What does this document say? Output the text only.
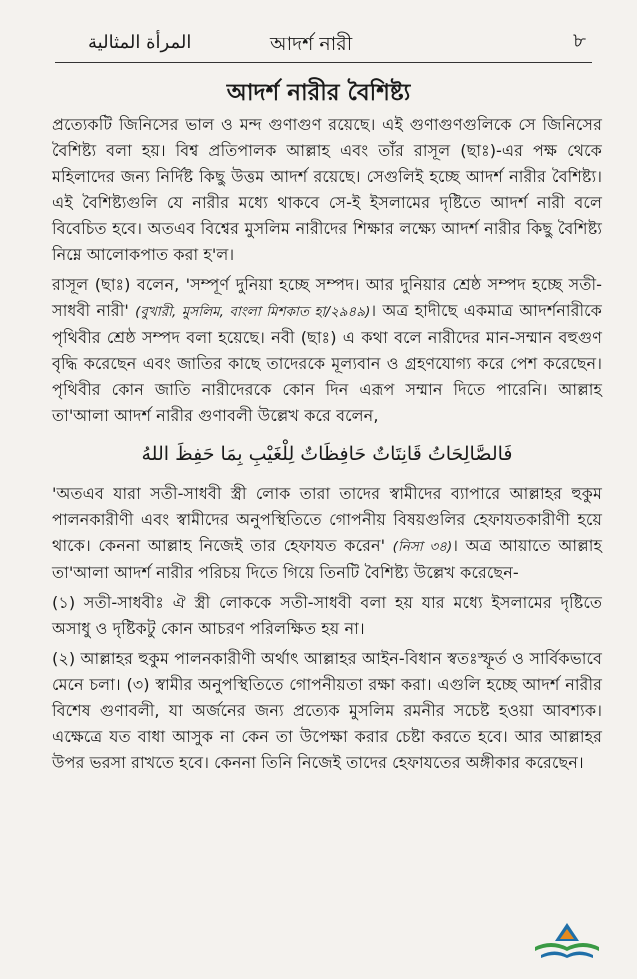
المرأة المثالية	আদর্শ নারী	৮
আদর্শ নারীর বৈশিষ্ট্য

প্রত্যেকটি জিনিসের ভাল ও মন্দ গুণাগুণ রয়েছে। এই গুণাগুণগুলিকে সে জিনিসের বৈশিষ্ট্য বলা হয়। বিশ্ব প্রতিপালক আল্লাহ এবং তাঁর রাসূল (ছাঃ)-এর পক্ষ থেকে মহিলাদের জন্য নির্দিষ্ট কিছু উত্তম আদর্শ রয়েছে। সেগুলিই হচ্ছে আদর্শ নারীর বৈশিষ্ট্য। এই বৈশিষ্ট্যগুলি যে নারীর মধ্যে থাকবে সে-ই ইসলামের দৃষ্টিতে আদর্শ নারী বলে বিবেচিত হবে। অতএব বিশ্বের মুসলিম নারীদের শিক্ষার লক্ষ্যে আদর্শ নারীর কিছু বৈশিষ্ট্য নিম্নে আলোকপাত করা হ'ল।

রাসূল (ছাঃ) বলেন, 'সম্পূর্ণ দুনিয়া হচ্ছে সম্পদ। আর দুনিয়ার শ্রেষ্ঠ সম্পদ হচ্ছে সতী-সাধবী নারী' (বুখারী, মুসলিম, বাংলা মিশকাত হা/২৯৪৯)। অত্র হাদীছে একমাত্র আদর্শনারীকে পৃথিবীর শ্রেষ্ঠ সম্পদ বলা হয়েছে। নবী (ছাঃ) এ কথা বলে নারীদের মান-সম্মান বহুগুণ বৃদ্ধি করেছেন এবং জাতির কাছে তাদেরকে মূল্যবান ও গ্রহণযোগ্য করে পেশ করেছেন। পৃথিবীর কোন জাতি নারীদেরকে কোন দিন এরূপ সম্মান দিতে পারেনি। আল্লাহ তা'আলা আদর্শ নারীর গুণাবলী উল্লেখ করে বলেন,

فَالصَّالِحَاتُ قَانِتَاتٌ حَافِظَاتٌ لِلْغَيْبِ بِمَا حَفِظَ اللهُ

'অতএব যারা সতী-সাধবী স্ত্রী লোক তারা তাদের স্বামীদের ব্যাপারে আল্লাহর হুকুম পালনকারীণী এবং স্বামীদের অনুপস্থিতিতে গোপনীয় বিষয়গুলির হেফাযতকারীণী হয়ে থাকে। কেননা আল্লাহ নিজেই তার হেফাযত করেন' (নিসা ৩৪)। অত্র আয়াতে আল্লাহ তা'আলা আদর্শ নারীর পরিচয় দিতে গিয়ে তিনটি বৈশিষ্ট্য উল্লেখ করেছেন-

(১) সতী-সাধবীঃ ঐ স্ত্রী লোককে সতী-সাধবী বলা হয় যার মধ্যে ইসলামের দৃষ্টিতে অসাধু ও দৃষ্টিকটু কোন আচরণ পরিলক্ষিত হয় না।

(২) আল্লাহর হুকুম পালনকারীণী অর্থাৎ আল্লাহর আইন-বিধান স্বতঃস্ফূর্ত ও সার্বিকভাবে মেনে চলা। (৩) স্বামীর অনুপস্থিতিতে গোপনীয়তা রক্ষা করা। এগুলি হচ্ছে আদর্শ নারীর বিশেষ গুণাবলী, যা অর্জনের জন্য প্রত্যেক মুসলিম রমনীর সচেষ্ট হওয়া আবশ্যক। এক্ষেত্রে যত বাধা আসুক না কেন তা উপেক্ষা করার চেষ্টা করতে হবে। আর আল্লাহর উপর ভরসা রাখতে হবে। কেননা তিনি নিজেই তাদের হেফাযতের অঙ্গীকার করেছেন।
